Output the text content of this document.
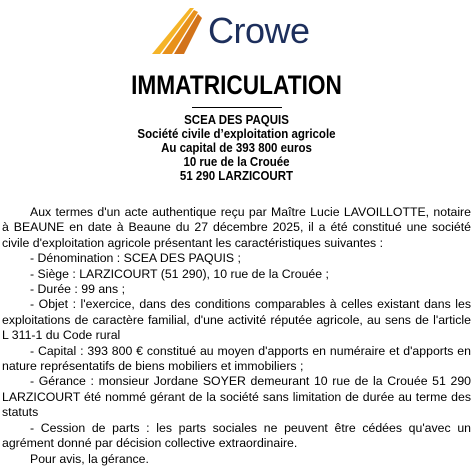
Crowe
IMMATRICULATION
SCEA DES PAQUIS
Société civile d’exploitation agricole
Au capital de 393 800 euros
10 rue de la Crouée
51 290 LARZICOURT

Aux termes d'un acte authentique reçu par Maître Lucie LAVOILLOTTE, notaire à BEAUNE en date à Beaune du 27 décembre 2025, il a été constitué une société civile d'exploitation agricole présentant les caractéristiques suivantes :

- Dénomination : SCEA DES PAQUIS ;

- Siège : LARZICOURT (51 290), 10 rue de la Crouée ;

- Durée : 99 ans ;

- Objet : l'exercice, dans des conditions comparables à celles existant dans les exploitations de caractère familial, d'une activité réputée agricole, au sens de l'article L 311-1 du Code rural

- Capital : 393 800 € constitué au moyen d'apports en numéraire et d'apports en nature représentatifs de biens mobiliers et immobiliers ;

- Gérance : monsieur Jordane SOYER demeurant 10 rue de la Crouée 51 290 LARZICOURT été nommé gérant de la société sans limitation de durée au terme des statuts

- Cession de parts : les parts sociales ne peuvent être cédées qu'avec un agrément donné par décision collective extraordinaire.

Pour avis, la gérance.
